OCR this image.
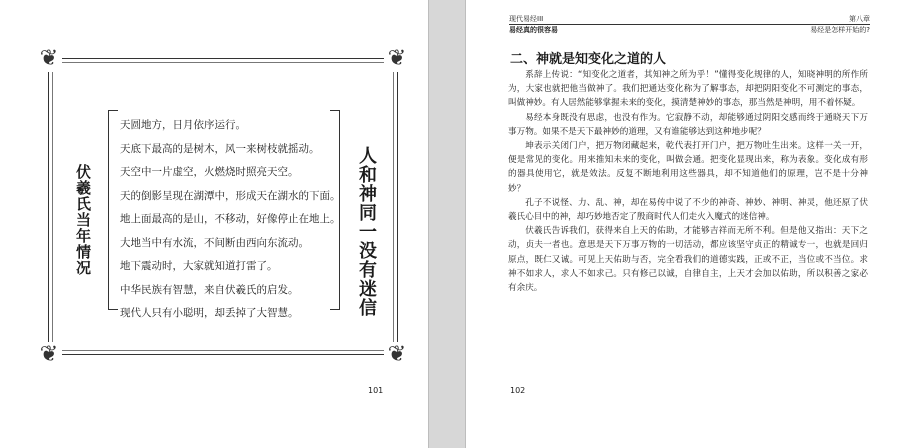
第八章
易经是怎样开始的?
❦	❦
❦	❦
伏羲氏当年情况	人和神同一没有迷信
天圆地方，日月依序运行。
天底下最高的是树木，风一来树枝就摇动。
天空中一片虚空，火燃烧时照亮天空。
天的倒影呈现在湖潭中，形成天在湖水的下面。
地上面最高的是山，不移动，好像停止在地上。
大地当中有水流，不间断由西向东流动。
地下震动时，大家就知道打雷了。
中华民族有智慧，来自伏羲氏的启发。
现代人只有小聪明，却丢掉了大智慧。
101
现代易经III
易经真的很容易
二、神就是知变化之道的人

系辞上传说：“知变化之道者，其知神之所为乎！”懂得变化规律的人，知晓神明的所作所为，大家也就把他当做神了。我们把通达变化称为了解事态，却把阴阳变化不可测定的事态，叫做神妙。有人居然能够掌握未来的变化，摸清楚神妙的事态，那当然是神明，用不着怀疑。

易经本身既没有思虑，也没有作为。它寂静不动，却能够通过阴阳交感而终于通晓天下万事万物。如果不是天下最神妙的道理，又有谁能够达到这种地步呢？

坤表示关闭门户，把万物闭藏起来，乾代表打开门户，把万物吐生出来。这样一关一开，便是常见的变化。用来推知未来的变化，叫做会通。把变化显现出来，称为表象。变化成有形的器具使用它，就是效法。反复不断地利用这些器具，却不知道他们的原理，岂不是十分神妙？

孔子不说怪、力、乱、神，却在易传中说了不少的神奇、神妙、神明、神灵，他还原了伏羲氏心目中的神，却巧妙地否定了殷商时代人们走火入魔式的迷信神。

伏羲氏告诉我们，获得来自上天的佑助，才能够吉祥而无所不利。但是他又指出：天下之动，贞夫一者也。意思是天下万事万物的一切活动，都应该坚守贞正的精诚专一，也就是回归原点，既仁又诚。可见上天佑助与否，完全看我们的道德实践，正或不正，当位或不当位。求神不如求人，求人不如求己。只有修己以诚，自律自主，上天才会加以佑助，所以积善之家必有余庆。

102
